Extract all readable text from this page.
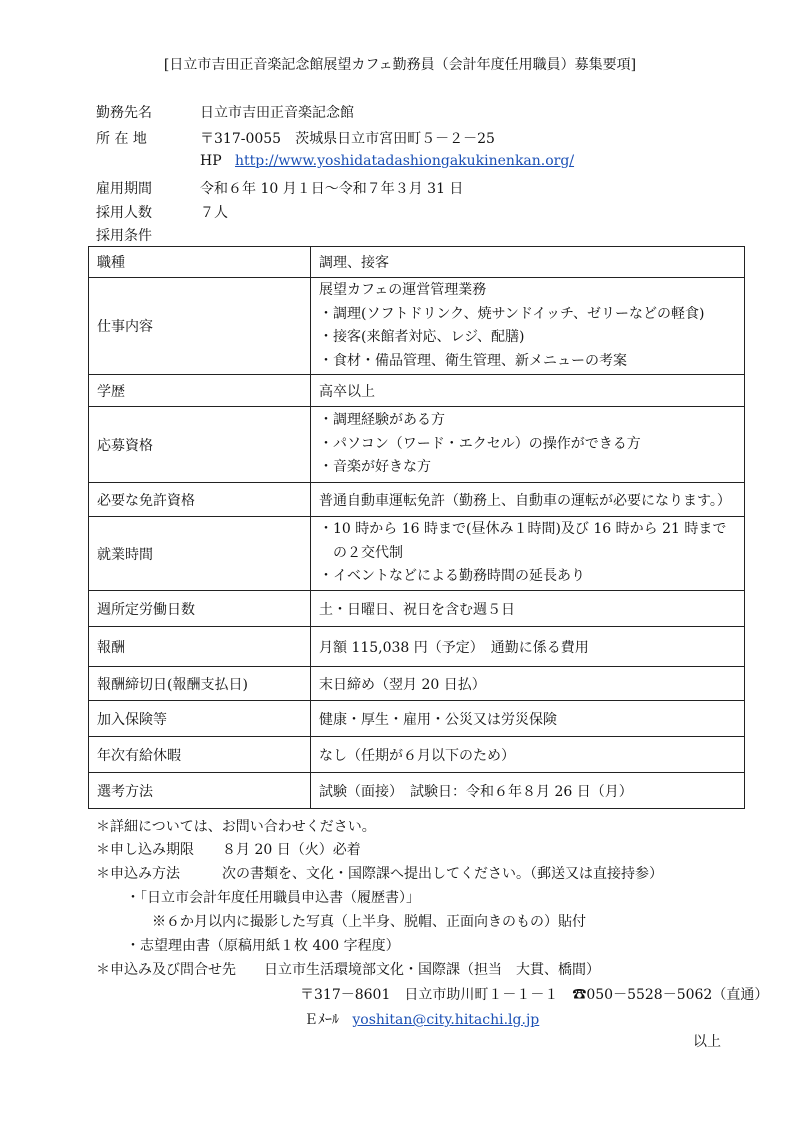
[日立市吉田正音楽記念館展望カフェ勤務員（会計年度任用職員）募集要項]
勤務先名	日立市吉田正音楽記念館
所 在 地	〒317-0055　茨城県日立市宮田町５－２－25
HP http://www.yoshidatadashiongakukinenkan.org/
雇用期間	令和６年 10 月１日～令和７年３月 31 日
採用人数	７人
採用条件
職種	調理、接客
仕事内容	展望カフェの運営管理業務
・調理(ソフトドリンク、焼サンドイッチ、ゼリーなどの軽食)
・接客(来館者対応、レジ、配膳)
・食材・備品管理、衛生管理、新メニューの考案

学歴	高卒以上
応募資格	・調理経験がある方
・パソコン（ワード・エクセル）の操作ができる方
・音楽が好きな方

必要な免許資格	普通自動車運転免許（勤務上、自動車の運転が必要になります。）
就業時間	・10 時から 16 時まで(昼休み１時間)及び 16 時から 21 時まで
　の２交代制
・イベントなどによる勤務時間の延長あり

週所定労働日数	土・日曜日、祝日を含む週５日
報酬	月額 115,038 円（予定）　通勤に係る費用
報酬締切日(報酬支払日)	末日締め（翌月 20 日払）
加入保険等	健康・厚生・雇用・公災又は労災保険
年次有給休暇	なし（任期が６月以下のため）
選考方法	試験（面接）　試験日：令和６年８月 26 日（月）
＊詳細については、お問い合わせください。
＊申し込み期限　　８月 20 日（火）必着
＊申込み方法　　　次の書類を、文化・国際課へ提出してください。（郵送又は直接持参）
・「日立市会計年度任用職員申込書（履歴書）」
※６か月以内に撮影した写真（上半身、脱帽、正面向きのもの）貼付
・志望理由書（原稿用紙１枚 400 字程度）
＊申込み及び問合せ先　　日立市生活環境部文化・国際課（担当　大貫、橋間）
〒317－8601　日立市助川町１－１－１　☎050－5528－5062（直通）
Ｅﾒｰﾙ yoshitan@city.hitachi.lg.jp
以上
